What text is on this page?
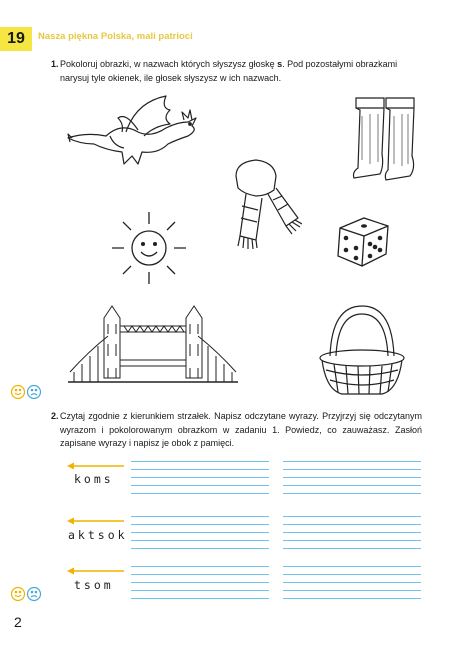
19	Nasza piękna Polska, mali patrioci
1. Pokoloruj obrazki, w nazwach których słyszysz głoskę s. Pod pozostałymi obrazkami narysuj tyle okienek, ile głosek słyszysz w ich nazwach.
2. Czytaj zgodnie z kierunkiem strzałek. Napisz odczytane wyrazy. Przyjrzyj się odczytanym wyrazom i pokolorowanym obrazkom w zadaniu 1. Powiedz, co zauważasz. Zasłoń zapisane wyrazy i napisz je obok z pamięci.
koms
aktsok
tsom
2
